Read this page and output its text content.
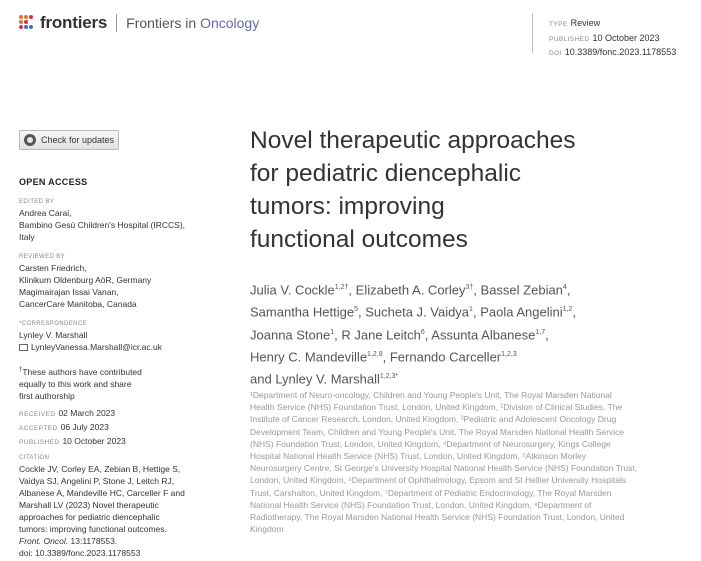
frontiers Frontiers in Oncology	TYPE Review
PUBLISHED 10 October 2023
DOI 10.3389/fonc.2023.1178553
Check for updates
OPEN ACCESS
EDITED BY
Andrea Carai,
Bambino Gesù Children's Hospital (IRCCS),
Italy
REVIEWED BY
Carsten Friedrich,
Klinikum Oldenburg AöR, Germany
Magimairajan Issai Vanan,
CancerCare Manitoba, Canada
*CORRESPONDENCE
Lynley V. Marshall
LynleyVanessa.Marshall@icr.ac.uk
†These authors have contributed
equally to this work and share
first authorship
RECEIVED 02 March 2023
ACCEPTED 06 July 2023
PUBLISHED 10 October 2023
CITATION
Cockle JV, Corley EA, Zebian B, Hettige S,
Vaidya SJ, Angelini P, Stone J, Leitch RJ,
Albanese A, Mandeville HC, Carceller F and
Marshall LV (2023) Novel therapeutic
approaches for pediatric diencephalic
tumors: improving functional outcomes.
Front. Oncol. 13:1178553.
doi: 10.3389/fonc.2023.1178553
Novel therapeutic approaches
for pediatric diencephalic
tumors: improving
functional outcomes
Julia V. Cockle$^{1,2\dagger}$, Elizabeth A. Corley$^{3\dagger}$, Bassel Zebian$^4$,
Samantha Hettige$^5$, Sucheta J. Vaidya$^1$, Paola Angelini$^{1,2}$,
Joanna Stone$^1$, R Jane Leitch$^6$, Assunta Albanese$^{1,7}$,
Henry C. Mandeville$^{1,2,8}$, Fernando Carceller$^{1,2,3}$
and Lynley V. Marshall$^{1,2,3*}$
¹Department of Neuro-oncology, Children and Young People's Unit, The Royal Marsden National
Health Service (NHS) Foundation Trust, London, United Kingdom, ²Division of Clinical Studies, The
Institute of Cancer Research, London, United Kingdom, ³Pediatric and Adolescent Oncology Drug
Development Team, Children and Young People's Unit, The Royal Marsden National Health Service
(NHS) Foundation Trust, London, United Kingdom, ⁴Department of Neurosurgery, Kings College
Hospital National Health Service (NHS) Trust, London, United Kingdom, ⁵Atkinson Morley
Neurosurgery Centre, St George's University Hospital National Health Service (NHS) Foundation Trust,
London, United Kingdom, ⁶Department of Ophthalmology, Epsom and St Hellier University Hospitals
Trust, Carshalton, United Kingdom, ⁷Department of Pediatric Endocrinology, The Royal Marsden
National Health Service (NHS) Foundation Trust, London, United Kingdom, ⁸Department of
Radiotherapy, The Royal Marsden National Health Service (NHS) Foundation Trust, London, United
Kingdom
